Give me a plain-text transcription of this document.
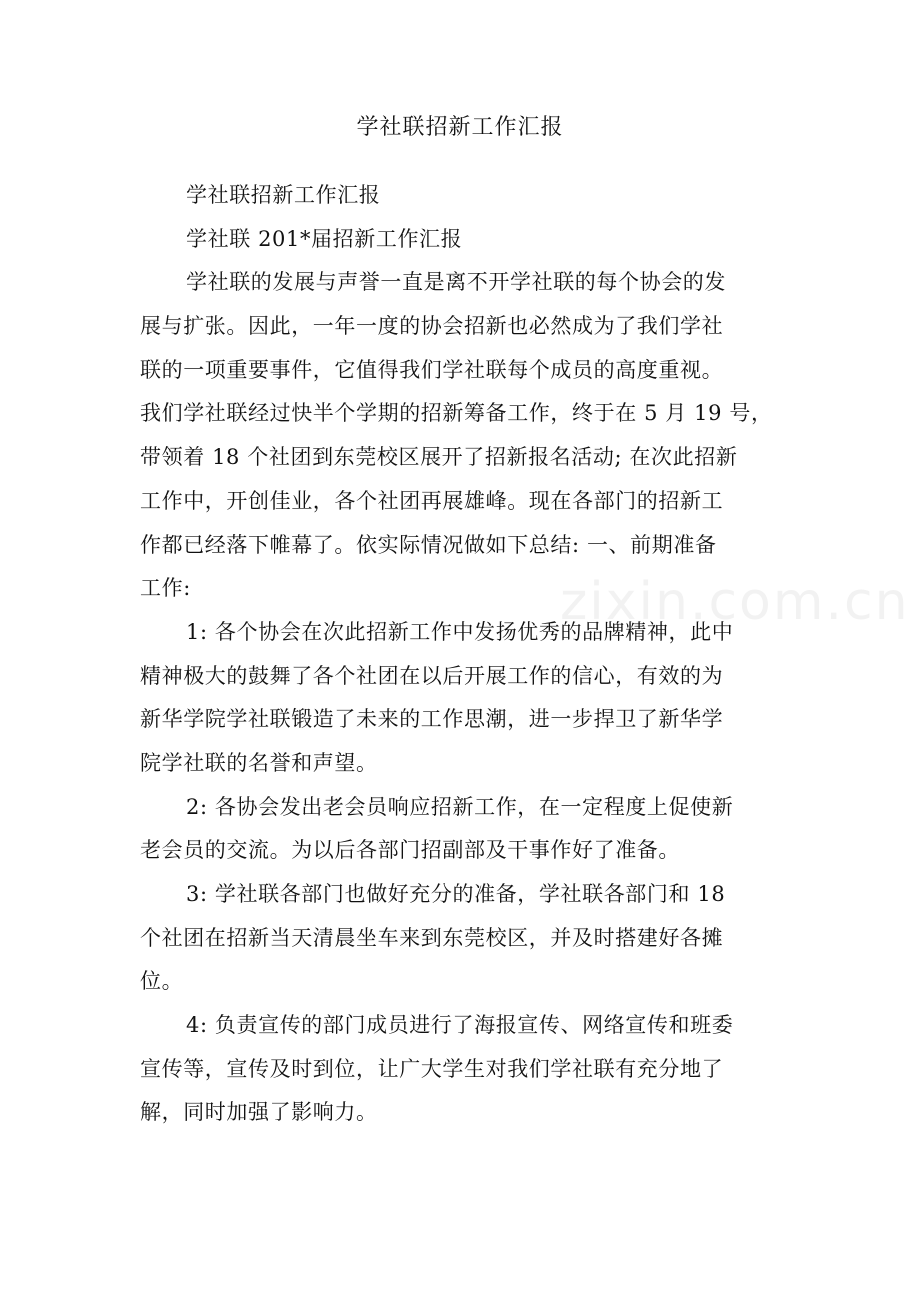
学社联招新工作汇报

学社联招新工作汇报

学社联 201*届招新工作汇报

学社联的发展与声誉一直是离不开学社联的每个协会的发

展与扩张。因此，一年一度的协会招新也必然成为了我们学社

联的一项重要事件，它值得我们学社联每个成员的高度重视。

我们学社联经过快半个学期的招新筹备工作，终于在 5 月 19 号，

带领着 18 个社团到东莞校区展开了招新报名活动; 在次此招新

工作中，开创佳业，各个社团再展雄峰。现在各部门的招新工

作都已经落下帷幕了。依实际情况做如下总结: 一、前期准备

工作:

1: 各个协会在次此招新工作中发扬优秀的品牌精神，此中

精神极大的鼓舞了各个社团在以后开展工作的信心，有效的为

新华学院学社联锻造了未来的工作思潮，进一步捍卫了新华学

院学社联的名誉和声望。

2: 各协会发出老会员响应招新工作，在一定程度上促使新

老会员的交流。为以后各部门招副部及干事作好了准备。

3: 学社联各部门也做好充分的准备，学社联各部门和 18

个社团在招新当天清晨坐车来到东莞校区，并及时搭建好各摊

位。

4: 负责宣传的部门成员进行了海报宣传、网络宣传和班委

宣传等，宣传及时到位，让广大学生对我们学社联有充分地了

解，同时加强了影响力。

zixin.com.cn
